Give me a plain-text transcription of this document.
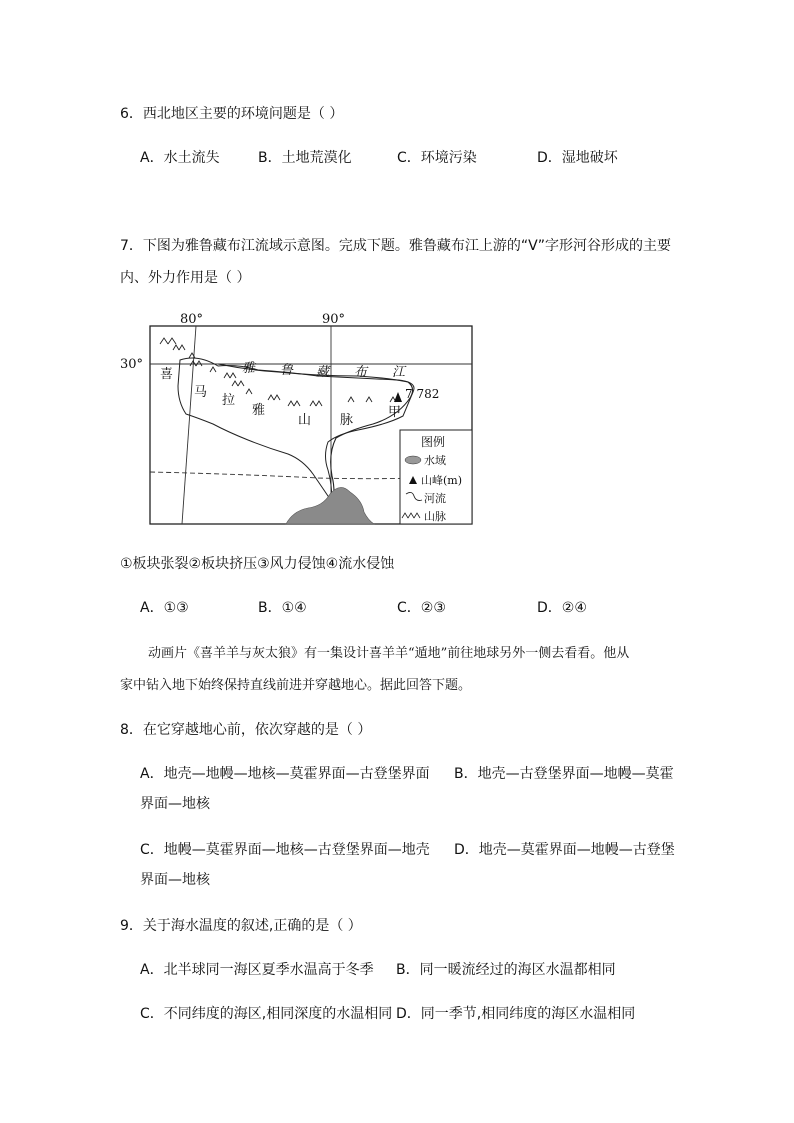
6．西北地区主要的环境问题是（ ）
A．水土流失	B．土地荒漠化	C．环境污染	D．湿地破坏
7．下图为雅鲁藏布江流域示意图。完成下题。雅鲁藏布江上游的“V”字形河谷形成的主要
内、外力作用是（ ）
80°	90°
30°	雅 鲁 藏 布 江
喜
马
拉
雅
山 脉
7 782
甲
图例
水域
山峰(m)
河流
山脉
①板块张裂②板块挤压③风力侵蚀④流水侵蚀
A．①③	B．①④	C．②③	D．②④
动画片《喜羊羊与灰太狼》有一集设计喜羊羊“遁地”前往地球另外一侧去看看。他从
家中钻入地下始终保持直线前进并穿越地心。据此回答下题。
8．在它穿越地心前，依次穿越的是（ ）
A．地壳—地幔—地核—莫霍界面—古登堡界面 B．地壳—古登堡界面—地幔—莫霍
界面—地核
C．地幔—莫霍界面—地核—古登堡界面—地壳 D．地壳—莫霍界面—地幔—古登堡
界面—地核
9．关于海水温度的叙述,正确的是（ ）
A．北半球同一海区夏季水温高于冬季 B．同一暖流经过的海区水温都相同
C．不同纬度的海区,相同深度的水温相同 D．同一季节,相同纬度的海区水温相同
